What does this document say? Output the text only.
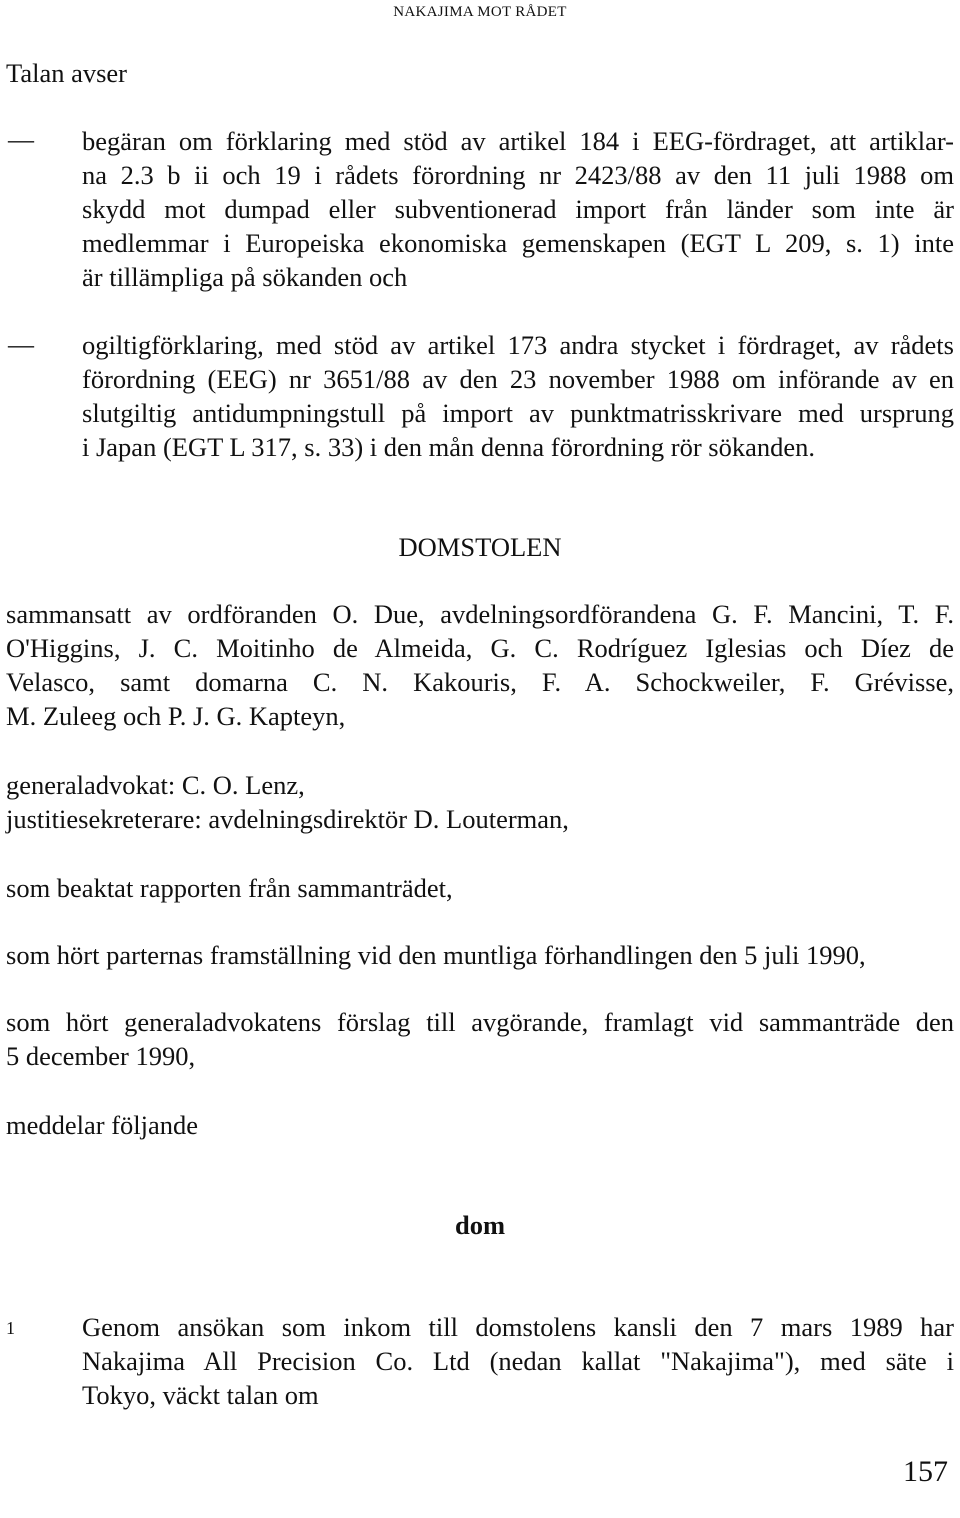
NAKAJIMA MOT RÅDET
Talan avser
— begäran om förklaring med stöd av artikel 184 i EEG-fördraget, att artiklar-
na 2.3 b ii och 19 i rådets förordning nr 2423/88 av den 11 juli 1988 om
skydd mot dumpad eller subventionerad import från länder som inte är
medlemmar i Europeiska ekonomiska gemenskapen (EGT L 209, s. 1) inte
är tillämpliga på sökanden och
— ogiltigförklaring, med stöd av artikel 173 andra stycket i fördraget, av rådets
förordning (EEG) nr 3651/88 av den 23 november 1988 om införande av en
slutgiltig antidumpningstull på import av punktmatrisskrivare med ursprung
i Japan (EGT L 317, s. 33) i den mån denna förordning rör sökanden.
DOMSTOLEN
sammansatt av ordföranden O. Due, avdelningsordförandena G. F. Mancini, T. F.
O'Higgins, J. C. Moitinho de Almeida, G. C. Rodríguez Iglesias och Díez de
Velasco, samt domarna C. N. Kakouris, F. A. Schockweiler, F. Grévisse,
M. Zuleeg och P. J. G. Kapteyn,
generaladvokat: C. O. Lenz,
justitiesekreterare: avdelningsdirektör D. Louterman,
som beaktat rapporten från sammanträdet,
som hört parternas framställning vid den muntliga förhandlingen den 5 juli 1990,
som hört generaladvokatens förslag till avgörande, framlagt vid sammanträde den
5 december 1990,
meddelar följande
dom
1	Genom ansökan som inkom till domstolens kansli den 7 mars 1989 har
Nakajima All Precision Co. Ltd (nedan kallat "Nakajima"), med säte i
Tokyo, väckt talan om
157
